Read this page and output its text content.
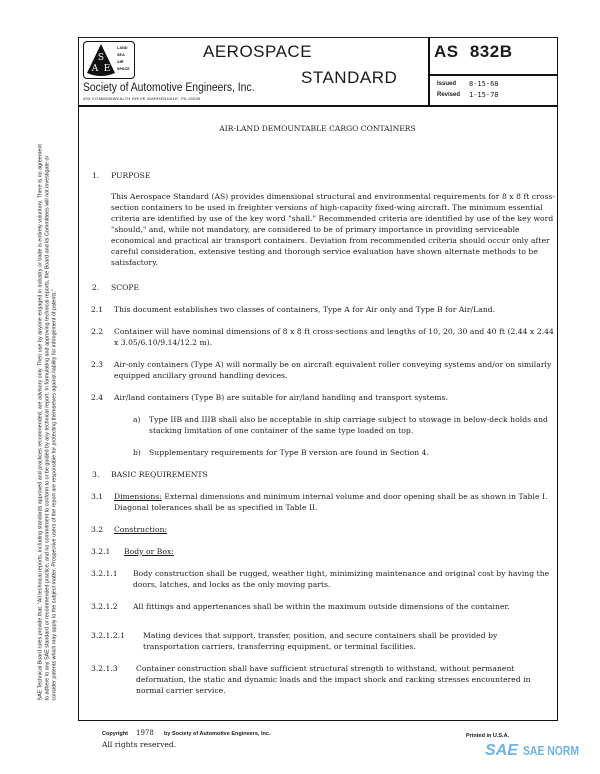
SAE Technical Board rules provide that: "All technical reports, including standards approved and practices recommended, are advisory only. Their use by anyone engaged in industry or trade is entirely voluntary. There is no agreement to adhere to any SAE standard or recommended practice, and no commitment to conform to or be guided by any technical report. In formulating and approving technical reports, the Board and its Committees will not investigate or consider patents which may apply to the subject matter. Prospective users of the report are responsible for protecting themselves against liability for infringement of patents."
S
A E
LAND
SEA
AIR
SPACE
Society of Automotive Engineers, Inc.
400 COMMONWEALTH DRIVE WARRENDALE, PA 15096
AEROSPACE
STANDARD
AS 832B
Issued 8-15-68
Revised 1-15-78
AIR-LAND DEMOUNTABLE CARGO CONTAINERS
1. PURPOSE
This Aerospace Standard (AS) provides dimensional structural and environmental requirements for 8 x 8 ft cross-section containers to be used in freighter versions of high-capacity fixed-wing aircraft. The minimum essential criteria are identified by use of the key word "shall." Recommended criteria are identified by use of the key word "should," and, while not mandatory, are considered to be of primary importance in providing serviceable economical and practical air transport containers. Deviation from recommended criteria should occur only after careful consideration, extensive testing and thorough service evaluation have shown alternate methods to be satisfactory.
2. SCOPE
2.1 This document establishes two classes of containers, Type A for Air only and Type B for Air/Land.
2.2 Container will have nominal dimensions of 8 x 8 ft cross-sections and lengths of 10, 20, 30 and 40 ft (2.44 x 2.44 x 3.05/6.10/9.14/12.2 m).
2.3 Air-only containers (Type A) will normally be on aircraft equivalent roller conveying systems and/or on similarly equipped ancillary ground handling devices.
2.4 Air/land containers (Type B) are suitable for air/land handling and transport systems.
a) Type IIB and IIIB shall also be acceptable in ship carriage subject to stowage in below-deck holds and stacking limitation of one container of the same type loaded on top.
b) Supplementary requirements for Type B version are found in Section 4.
3. BASIC REQUIREMENTS
3.1 Dimensions: External dimensions and minimum internal volume and door opening shall be as shown in Table I. Diagonal tolerances shall be as specified in Table II.
3.2 Construction:
3.2.1 Body or Box:
3.2.1.1 Body construction shall be rugged, weather tight, minimizing maintenance and original cost by having the doors, latches, and locks as the only moving parts.
3.2.1.2 All fittings and appertenances shall be within the maximum outside dimensions of the container.
3.2.1.2.1 Mating devices that support, transfer, position, and secure containers shall be provided by transportation carriers, transferring equipment, or terminal facilities.
3.2.1.3 Container construction shall have sufficient structural strength to withstand, without permanent deformation, the static and dynamic loads and the impact shock and racking stresses encountered in normal carrier service.
Copyright 1978 by Society of Automotive Engineers, Inc.
All rights reserved.
Printed in U.S.A.
SAE SAE NORM
